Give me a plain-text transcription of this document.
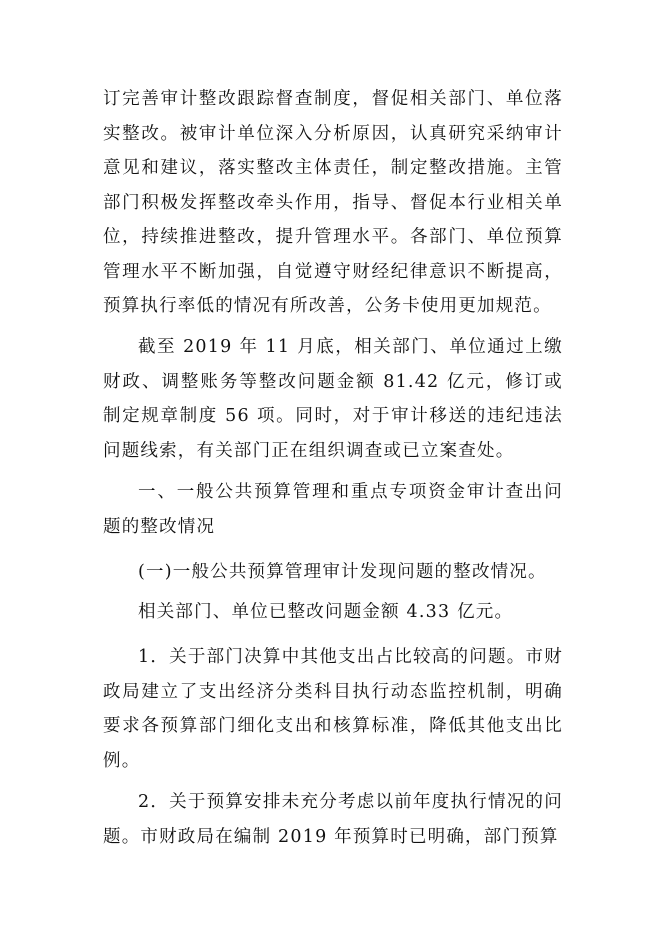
订完善审计整改跟踪督查制度，督促相关部门、单位落实整改。被审计单位深入分析原因，认真研究采纳审计意见和建议，落实整改主体责任，制定整改措施。主管部门积极发挥整改牵头作用，指导、督促本行业相关单位，持续推进整改，提升管理水平。各部门、单位预算管理水平不断加强，自觉遵守财经纪律意识不断提高，预算执行率低的情况有所改善，公务卡使用更加规范。

截至 2019 年 11 月底，相关部门、单位通过上缴财政、调整账务等整改问题金额 81.42 亿元，修订或制定规章制度 56 项。同时，对于审计移送的违纪违法问题线索，有关部门正在组织调查或已立案查处。

一、一般公共预算管理和重点专项资金审计查出问题的整改情况

(一)一般公共预算管理审计发现问题的整改情况。

相关部门、单位已整改问题金额 4.33 亿元。

1．关于部门决算中其他支出占比较高的问题。市财政局建立了支出经济分类科目执行动态监控机制，明确要求各预算部门细化支出和核算标准，降低其他支出比例。

2．关于预算安排未充分考虑以前年度执行情况的问题。市财政局在编制 2019 年预算时已明确，部门预算
